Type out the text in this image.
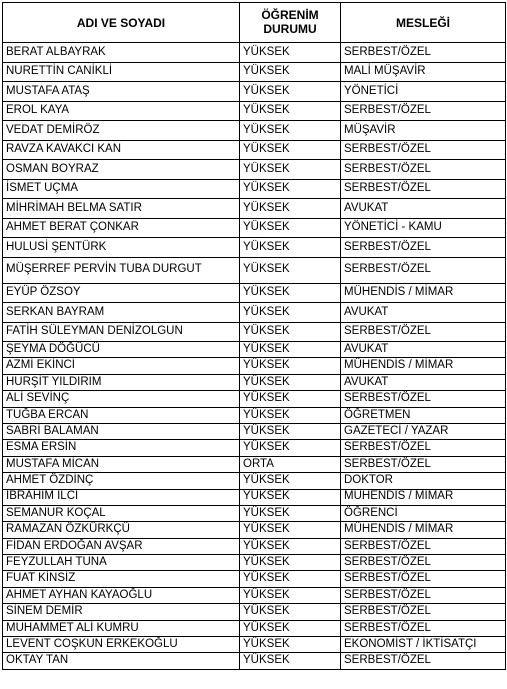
ADI VE SOYADI	ÖĞRENİM DURUMU	MESLEĞİ
BERAT ALBAYRAK	YÜKSEK	SERBEST/ÖZEL
NURETTİN CANİKLİ	YÜKSEK	MALİ MÜŞAVİR
MUSTAFA ATAŞ	YÜKSEK	YÖNETİCİ
EROL KAYA	YÜKSEK	SERBEST/ÖZEL
VEDAT DEMİRÖZ	YÜKSEK	MÜŞAVİR
RAVZA KAVAKCI KAN	YÜKSEK	SERBEST/ÖZEL
OSMAN BOYRAZ	YÜKSEK	SERBEST/ÖZEL
İSMET UÇMA	YÜKSEK	SERBEST/ÖZEL
MİHRİMAH BELMA SATIR	YÜKSEK	AVUKAT
AHMET BERAT ÇONKAR	YÜKSEK	YÖNETİCİ - KAMU
HULUSİ ŞENTÜRK	YÜKSEK	SERBEST/ÖZEL
MÜŞERREF PERVİN TUBA DURGUT	YÜKSEK	SERBEST/ÖZEL
EYÜP ÖZSOY	YÜKSEK	MÜHENDİS / MİMAR
SERKAN BAYRAM	YÜKSEK	AVUKAT
FATİH SÜLEYMAN DENİZOLGUN	YÜKSEK	SERBEST/ÖZEL
ŞEYMA DÖĞÜCÜ	YÜKSEK	AVUKAT
AZMİ EKİNCİ	YÜKSEK	MÜHENDİS / MİMAR
HURŞİT YILDIRIM	YÜKSEK	AVUKAT
ALİ SEVİNÇ	YÜKSEK	SERBEST/ÖZEL
TUĞBA ERCAN	YÜKSEK	ÖĞRETMEN
SABRİ BALAMAN	YÜKSEK	GAZETECİ / YAZAR
ESMA ERSİN	YÜKSEK	SERBEST/ÖZEL
MUSTAFA MİCAN	ORTA	SERBEST/ÖZEL
AHMET ÖZDİNÇ	YÜKSEK	DOKTOR
İBRAHİM İLCİ	YÜKSEK	MÜHENDİS / MİMAR
SEMANUR KOÇAL	YÜKSEK	ÖĞRENCİ
RAMAZAN ÖZKÜRKÇÜ	YÜKSEK	MÜHENDİS / MİMAR
FİDAN ERDOĞAN AVŞAR	YÜKSEK	SERBEST/ÖZEL
FEYZULLAH TUNA	YÜKSEK	SERBEST/ÖZEL
FUAT KİNSİZ	YÜKSEK	SERBEST/ÖZEL
AHMET AYHAN KAYAOĞLU	YÜKSEK	SERBEST/ÖZEL
SİNEM DEMİR	YÜKSEK	SERBEST/ÖZEL
MUHAMMET ALİ KUMRU	YÜKSEK	SERBEST/ÖZEL
LEVENT COŞKUN ERKEKOĞLU	YÜKSEK	EKONOMİST / İKTİSATÇI
OKTAY TAN	YÜKSEK	SERBEST/ÖZEL
